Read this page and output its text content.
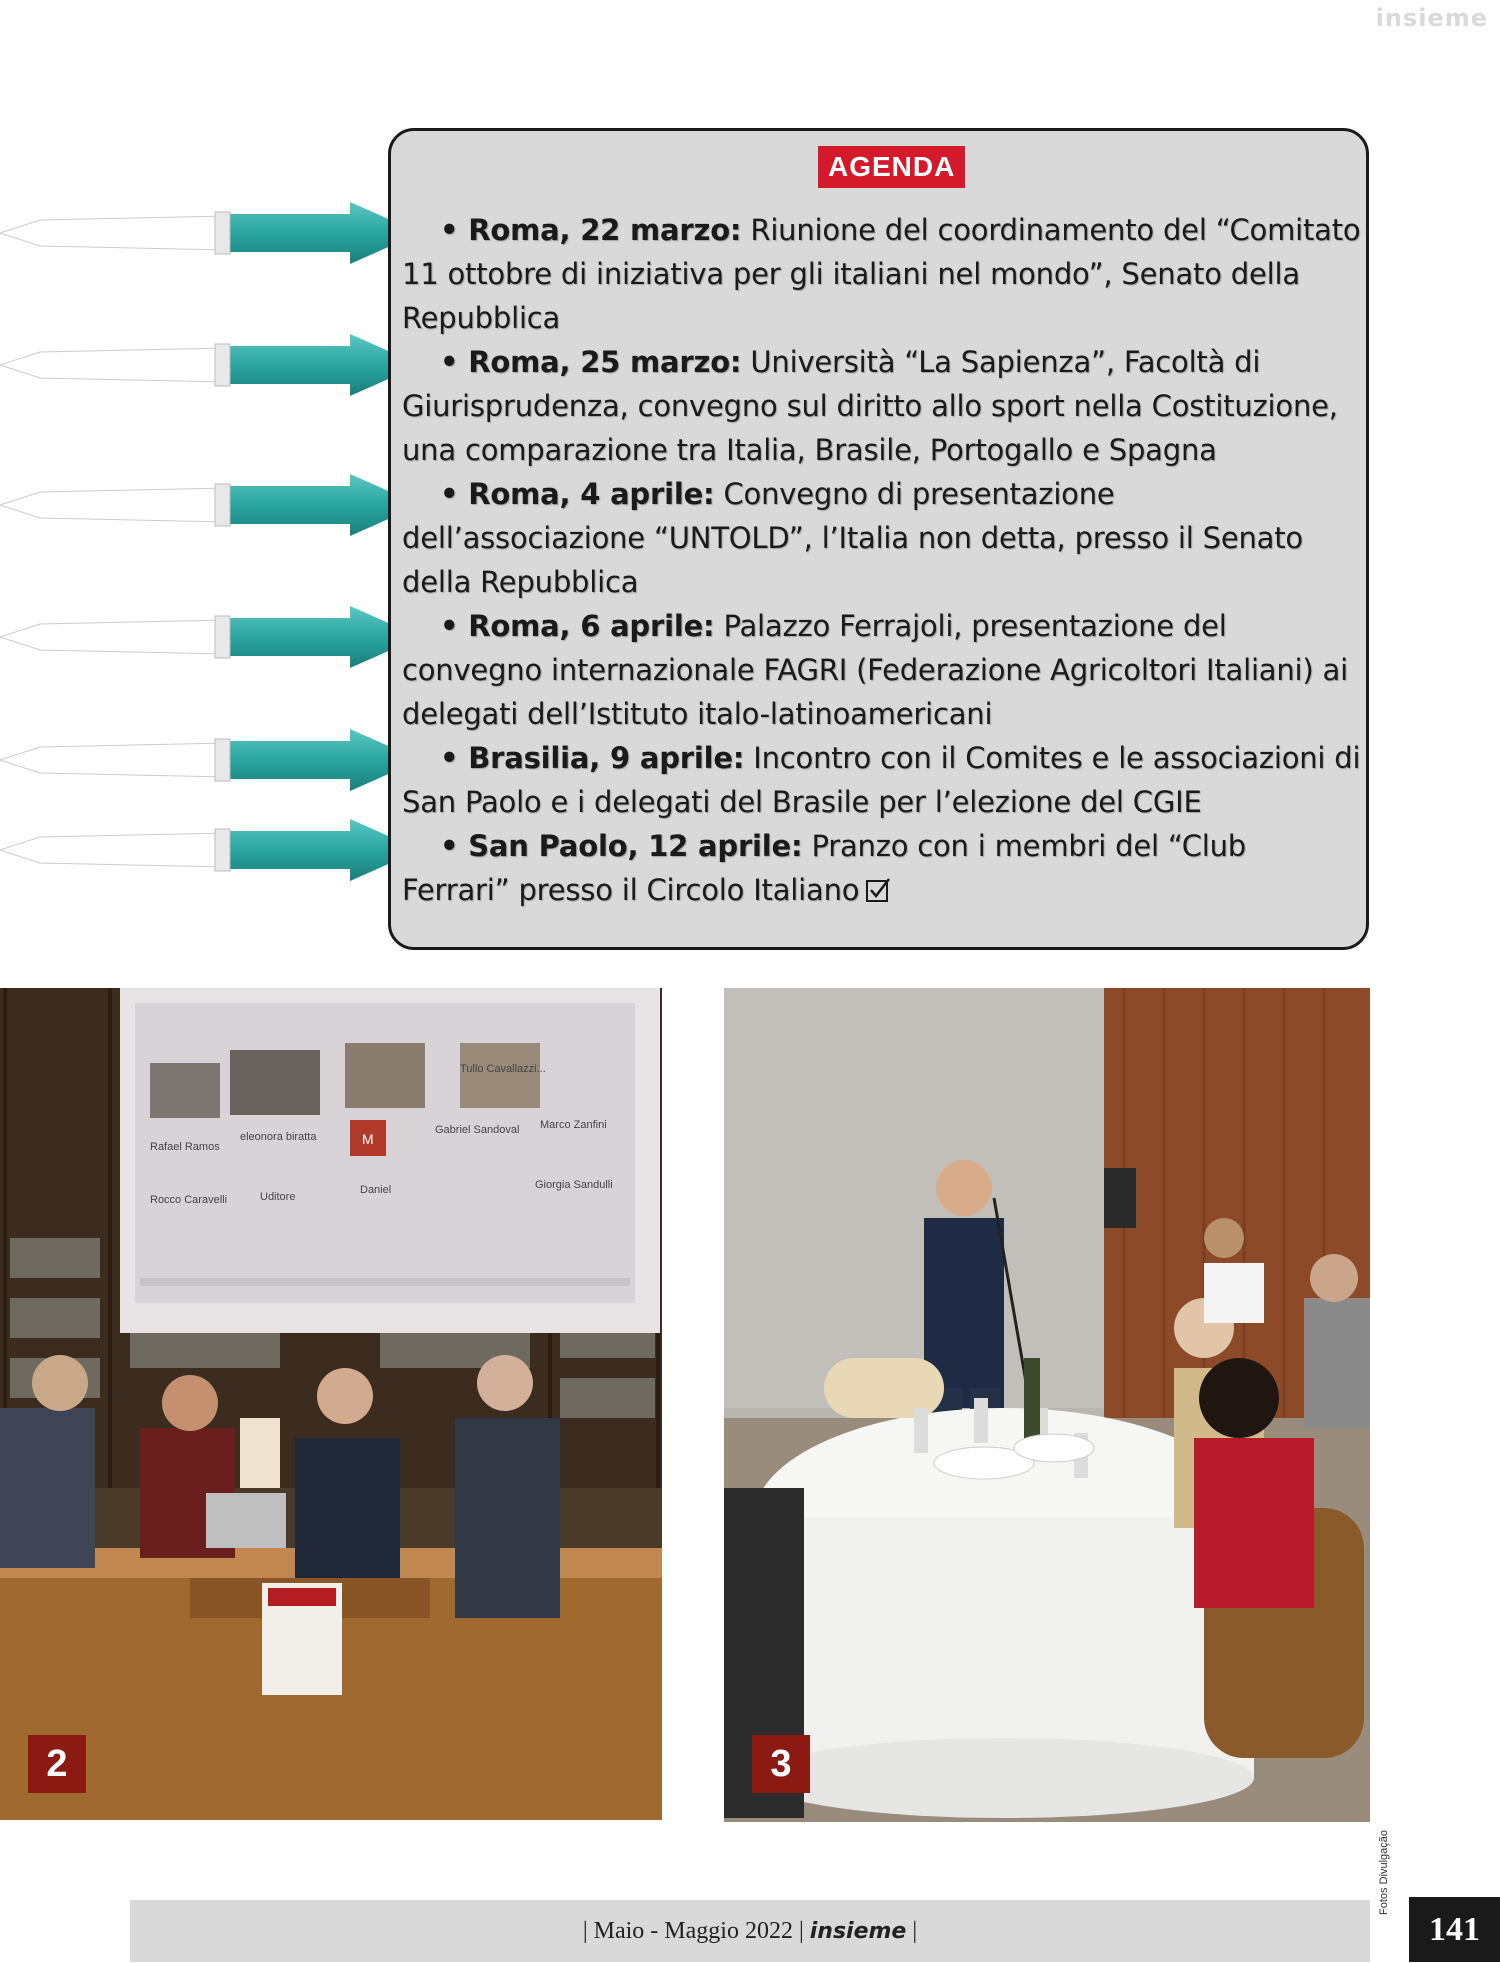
insieme
AGENDA

• Roma, 22 marzo: Riunione del coordinamento del “Comitato 11 ottobre di iniziativa per gli italiani nel mondo”, Senato della Repubblica

• Roma, 25 marzo: Università “La Sapienza”, Facoltà di Giurisprudenza, convegno sul diritto allo sport nella Costituzione, una comparazione tra Italia, Brasile, Portogallo e Spagna

• Roma, 4 aprile: Convegno di presentazione dell’associazione “UNTOLD”, l’Italia non detta, presso il Senato della Repubblica

• Roma, 6 aprile: Palazzo Ferrajoli, presentazione del convegno internazionale FAGRI (Federazione Agricoltori Italiani) ai delegati dell’Istituto italo-latinoamericani

• Brasilia, 9 aprile: Incontro con il Comites e le associazioni di San Paolo e i delegati del Brasile per l’elezione del CGIE

• San Paolo, 12 aprile: Pranzo con i membri del “Club Ferrari” presso il Circolo Italiano

M
Tullo Cavallazzi...
Rafael Ramos
eleonora biratta
Gabriel Sandoval Marco Zanfini
Rocco Caravelli	Uditore
Daniel	Giorgia Sandulli
2	3
Fotos Divulgação
| Maio - Maggio 2022 | insieme |	141
